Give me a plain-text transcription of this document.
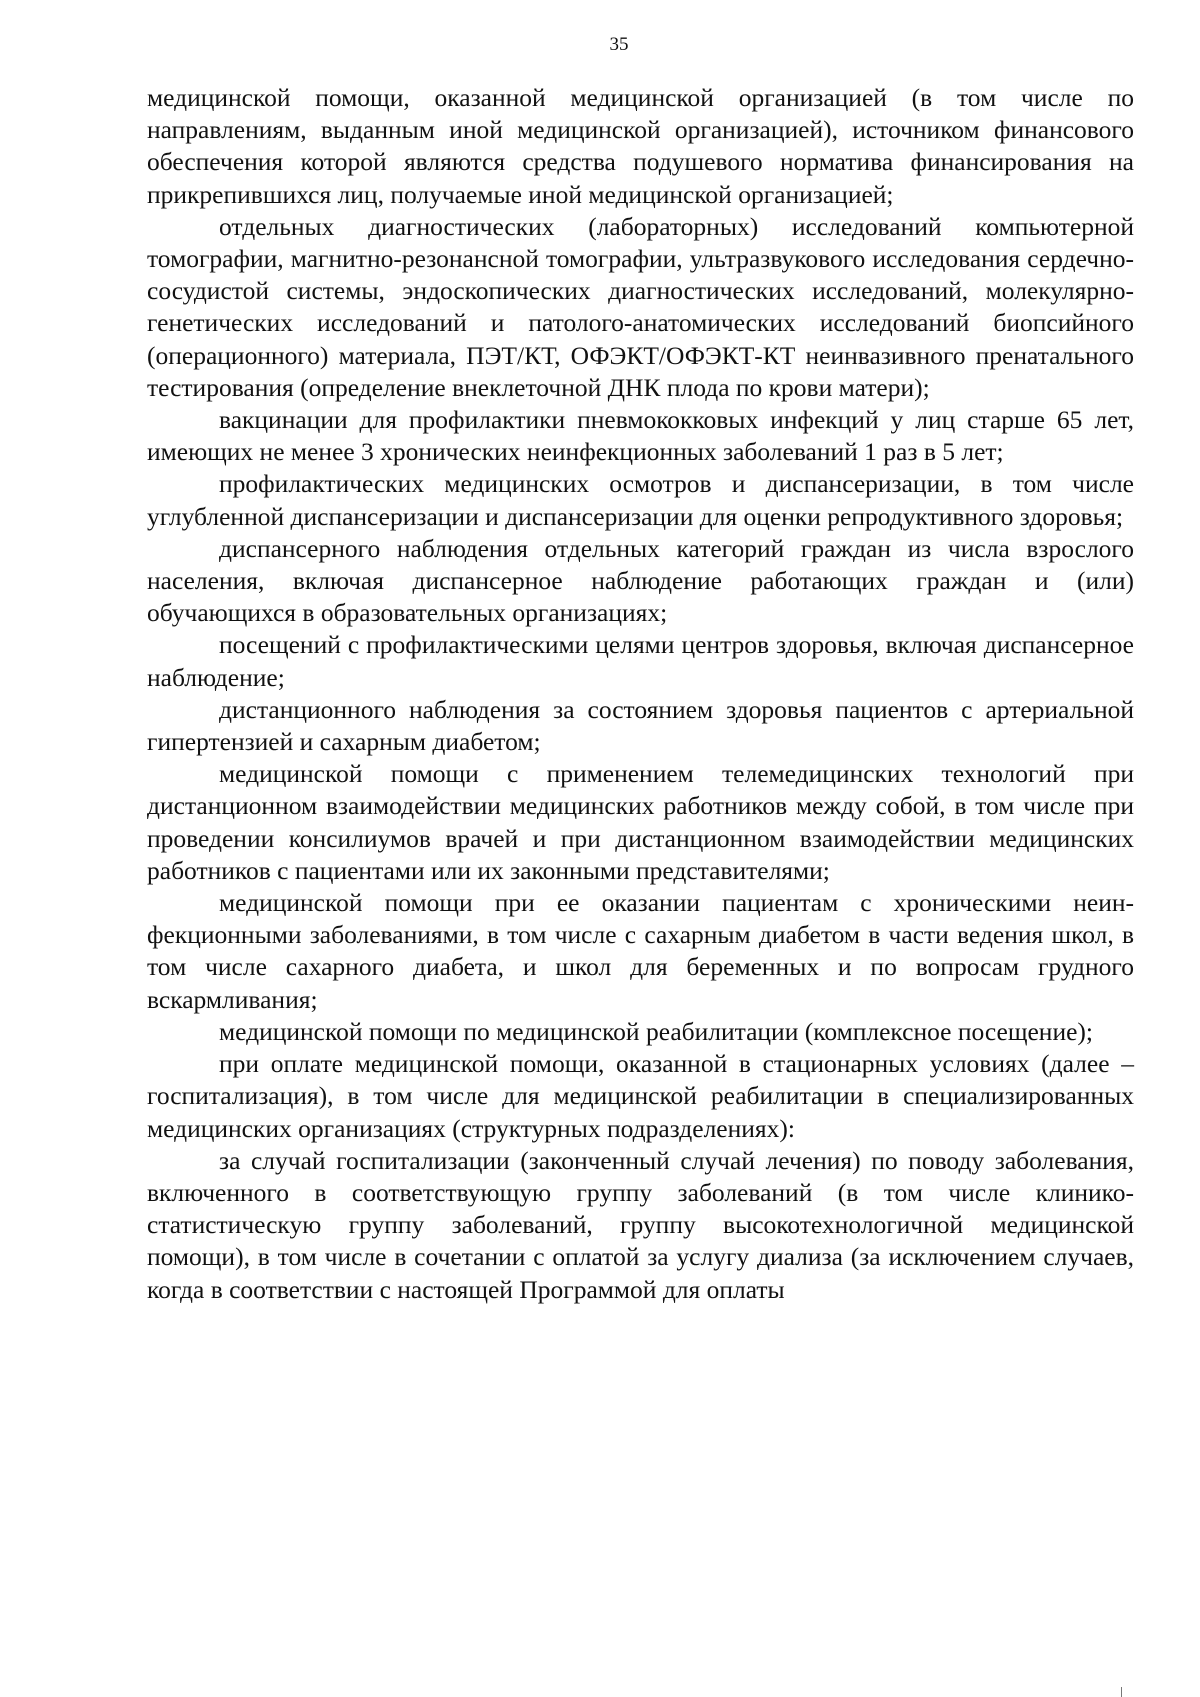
35

медицинской помощи, оказанной медицинской организацией (в том числе по направлениям, выданным иной медицинской организацией), источником финансового обеспечения которой являются средства подушевого норматива финансирования на прикрепившихся лиц, получаемые иной медицинской организацией;

отдельных диагностических (лабораторных) исследований компьютерной томографии, магнитно-резонансной томографии, ультразвукового исследования сердечно-сосудистой системы, эндоскопических диагностических исследований, молекулярно-генетических исследований и патолого-анатомических исследований биопсийного (операционного) материала, ПЭТ/КТ, ОФЭКТ/ОФЭКТ-КТ неинвазивного пренатального тестирования (определение внеклеточной ДНК плода по крови матери);

вакцинации для профилактики пневмококковых инфекций у лиц старше 65 лет, имеющих не менее 3 хронических неинфекционных заболеваний 1 раз в 5 лет;

профилактических медицинских осмотров и диспансеризации, в том числе углубленной диспансеризации и диспансеризации для оценки репродуктивного здоровья;

диспансерного наблюдения отдельных категорий граждан из числа взрослого населения, включая диспансерное наблюдение работающих граждан и (или) обучающихся в образовательных организациях;

посещений с профилактическими целями центров здоровья, включая диспансерное наблюдение;

дистанционного наблюдения за состоянием здоровья пациентов с артериальной гипертензией и сахарным диабетом;

медицинской помощи с применением телемедицинских технологий при дистанционном взаимодействии медицинских работников между собой, в том числе при проведении консилиумов врачей и при дистанционном взаимодействии медицинских работников с пациентами или их законными представителями;

медицинской помощи при ее оказании пациентам с хроническими неинфекционными заболеваниями, в том числе с сахарным диабетом в части ведения школ, в том числе сахарного диабета, и школ для беременных и по вопросам грудного вскармливания;

медицинской помощи по медицинской реабилитации (комплексное посещение);

при оплате медицинской помощи, оказанной в стационарных условиях (далее – госпитализация), в том числе для медицинской реабилитации в специализированных медицинских организациях (структурных подразделениях):

за случай госпитализации (законченный случай лечения) по поводу заболевания, включенного в соответствующую группу заболеваний (в том числе клинико-статистическую группу заболеваний, группу высокотехнологичной медицинской помощи), в том числе в сочетании с оплатой за услугу диализа (за исключением случаев, когда в соответствии с настоящей Программой для оплаты
